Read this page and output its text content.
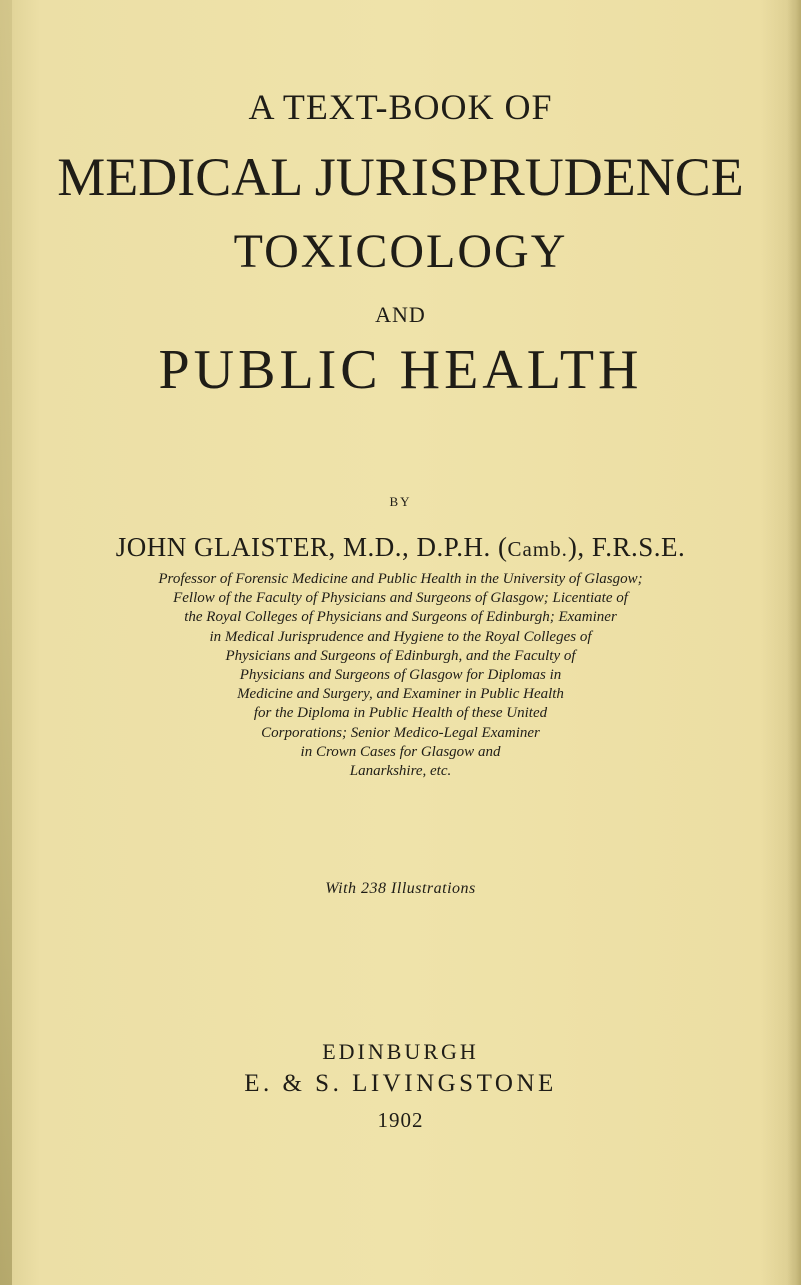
A TEXT-BOOK OF
MEDICAL JURISPRUDENCE
TOXICOLOGY
AND
PUBLIC HEALTH
BY
JOHN GLAISTER, M.D., D.P.H. (Camb.), F.R.S.E.
Professor of Forensic Medicine and Public Health in the University of Glasgow;
Fellow of the Faculty of Physicians and Surgeons of Glasgow; Licentiate of
the Royal Colleges of Physicians and Surgeons of Edinburgh; Examiner
in Medical Jurisprudence and Hygiene to the Royal Colleges of
Physicians and Surgeons of Edinburgh, and the Faculty of
Physicians and Surgeons of Glasgow for Diplomas in
Medicine and Surgery, and Examiner in Public Health
for the Diploma in Public Health of these United
Corporations; Senior Medico-Legal Examiner
in Crown Cases for Glasgow and
Lanarkshire, etc.
With 238 Illustrations
EDINBURGH
E. & S. LIVINGSTONE
1902
